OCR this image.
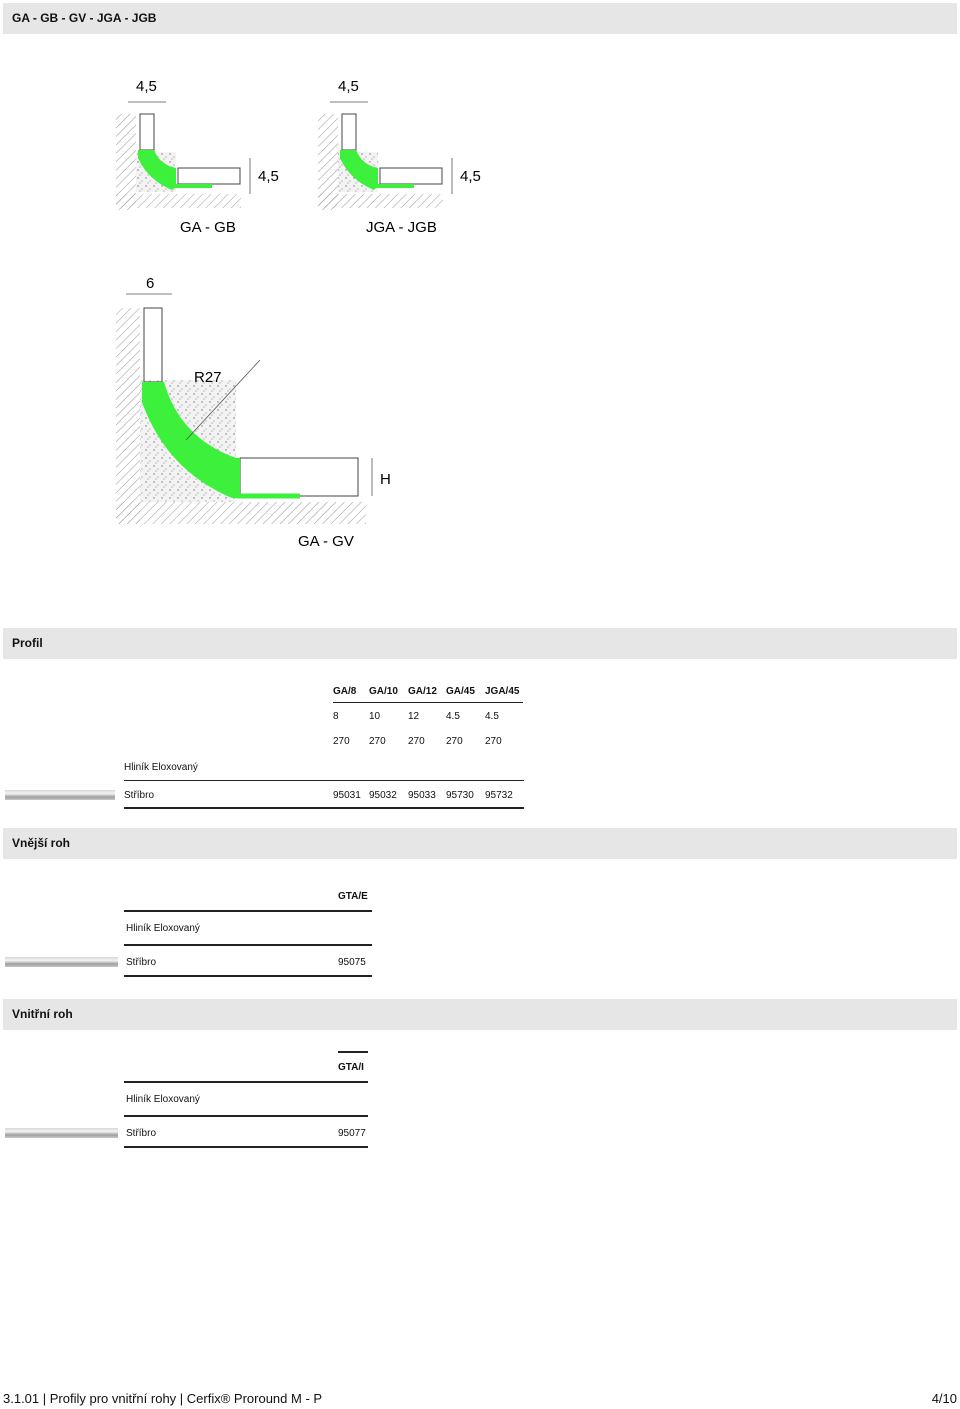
GA - GB - GV - JGA - JGB
4,5
4,5
GA - GB
4,5
4,5
JGA - JGB
6
R27
H
GA - GV
Profil
GA/8 GA/10 GA/12 GA/45 JGA/45
8	10	12	4.5	4.5
270 270 270 270 270
Hliník Eloxovaný
Stříbro	95031 95032 95033 95730 95732
Vnější roh
GTA/E
Hliník Eloxovaný
Stříbro	95075
Vnitřní roh
GTA/I
Hliník Eloxovaný
Stříbro	95077
3.1.01 | Profily pro vnitřní rohy | Cerfix® Proround M - P	4/10
